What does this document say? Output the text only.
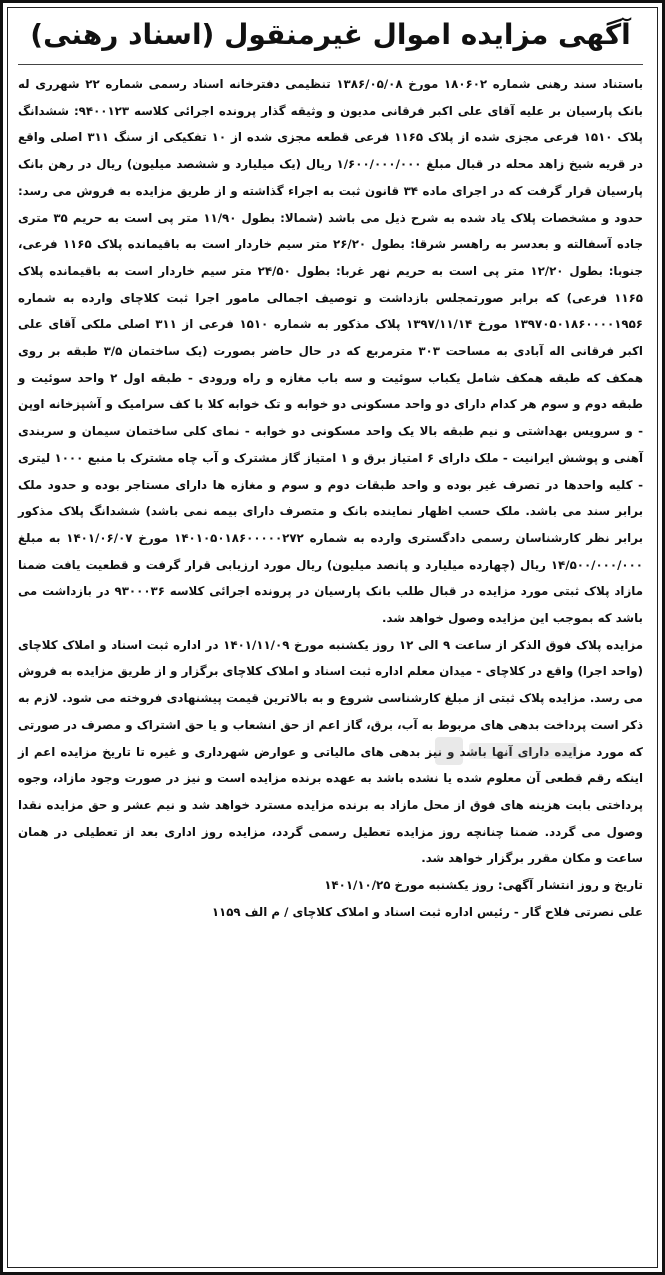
آگهی مزایده اموال غیرمنقول (اسناد رهنی)

باستناد سند رهنی شماره ۱۸۰۶۰۲ مورخ ۱۳۸۶/۰۵/۰۸ تنظیمی دفترخانه اسناد رسمی شماره ۲۲ شهرری له بانک پارسیان بر علیه آقای علی اکبر فرقانی مدیون و وثیقه گذار پرونده اجرائی کلاسه ۹۴۰۰۱۲۳: ششدانگ پلاک ۱۵۱۰ فرعی مجزی شده از پلاک ۱۱۶۵ فرعی قطعه مجزی شده از ۱۰ تفکیکی از سنگ ۳۱۱ اصلی واقع در قریه شیخ زاهد محله در قبال مبلغ ۱/۶۰۰/۰۰۰/۰۰۰ ریال (یک میلیارد و ششصد میلیون) ریال در رهن بانک پارسیان قرار گرفت که در اجرای ماده ۳۴ قانون ثبت به اجراء گذاشته و از طریق مزایده به فروش می رسد: حدود و مشخصات پلاک یاد شده به شرح ذیل می باشد (شمالا: بطول ۱۱/۹۰ متر پی است به حریم ۳۵ متری جاده آسفالته و بعدسر به راهسر شرقا: بطول ۲۶/۲۰ متر سیم خاردار است به باقیمانده پلاک ۱۱۶۵ فرعی، جنوبا: بطول ۱۲/۲۰ متر پی است به حریم نهر غربا: بطول ۲۴/۵۰ متر سیم خاردار است به باقیمانده پلاک ۱۱۶۵ فرعی) که برابر صورتمجلس بازداشت و توصیف اجمالی مامور اجرا ثبت کلاچای وارده به شماره ۱۳۹۷۰۵۰۱۸۶۰۰۰۰۱۹۵۶ مورخ ۱۳۹۷/۱۱/۱۴ پلاک مذکور به شماره ۱۵۱۰ فرعی از ۳۱۱ اصلی ملکی آقای علی اکبر فرقانی اله آبادی به مساحت ۳۰۳ مترمربع که در حال حاضر بصورت (یک ساختمان ۳/۵ طبقه بر روی همکف که طبقه همکف شامل یکباب سوئیت و سه باب مغازه و راه ورودی - طبقه اول ۲ واحد سوئیت و طبقه دوم و سوم هر کدام دارای دو واحد مسکونی دو خوابه و تک خوابه کلا با کف سرامیک و آشپزخانه اوپن - و سرویس بهداشتی و نیم طبقه بالا یک واحد مسکونی دو خوابه - نمای کلی ساختمان سیمان و سربندی آهنی و پوشش ایرانیت - ملک دارای ۶ امتیاز برق و ۱ امتیاز گاز مشترک و آب چاه مشترک با منبع ۱۰۰۰ لیتری - کلیه واحدها در تصرف غیر بوده و واحد طبقات دوم و سوم و مغازه ها دارای مستاجر بوده و حدود ملک برابر سند می باشد. ملک حسب اظهار نماینده بانک و متصرف دارای بیمه نمی باشد) ششدانگ پلاک مذکور برابر نظر کارشناسان رسمی دادگستری وارده به شماره ۱۴۰۱۰۵۰۱۸۶۰۰۰۰۰۲۷۲ مورخ ۱۴۰۱/۰۶/۰۷ به مبلغ ۱۴/۵۰۰/۰۰۰/۰۰۰ ریال (چهارده میلیارد و پانصد میلیون) ریال مورد ارزیابی قرار گرفت و قطعیت یافت ضمنا مازاد پلاک ثبتی مورد مزایده در قبال طلب بانک پارسیان در پرونده اجرائی کلاسه ۹۳۰۰۰۳۶ در بازداشت می باشد که بموجب این مزایده وصول خواهد شد.

مزایده پلاک فوق الذکر از ساعت ۹ الی ۱۲ روز یکشنبه مورخ ۱۴۰۱/۱۱/۰۹ در اداره ثبت اسناد و املاک کلاچای (واحد اجرا) واقع در کلاچای - میدان معلم اداره ثبت اسناد و املاک کلاچای برگزار و از طریق مزایده به فروش می رسد. مزایده پلاک ثبتی از مبلغ کارشناسی شروع و به بالاترین قیمت پیشنهادی فروخته می شود. لازم به ذکر است پرداخت بدهی های مربوط به آب، برق، گاز اعم از حق انشعاب و یا حق اشتراک و مصرف در صورتی که مورد مزایده دارای آنها باشد و نیز بدهی های مالیاتی و عوارض شهرداری و غیره تا تاریخ مزایده اعم از اینکه رقم قطعی آن معلوم شده یا نشده باشد به عهده برنده مزایده است و نیز در صورت وجود مازاد، وجوه پرداختی بابت هزینه های فوق از محل مازاد به برنده مزایده مسترد خواهد شد و نیم عشر و حق مزایده نقدا وصول می گردد. ضمنا چنانچه روز مزایده تعطیل رسمی گردد، مزایده روز اداری بعد از تعطیلی در همان ساعت و مکان مقرر برگزار خواهد شد.

تاریخ و روز انتشار آگهی: روز یکشنبه مورخ ۱۴۰۱/۱۰/۲۵
علی نصرتی فلاح گار - رئیس اداره ثبت اسناد و املاک کلاچای / م الف ۱۱۵۹
